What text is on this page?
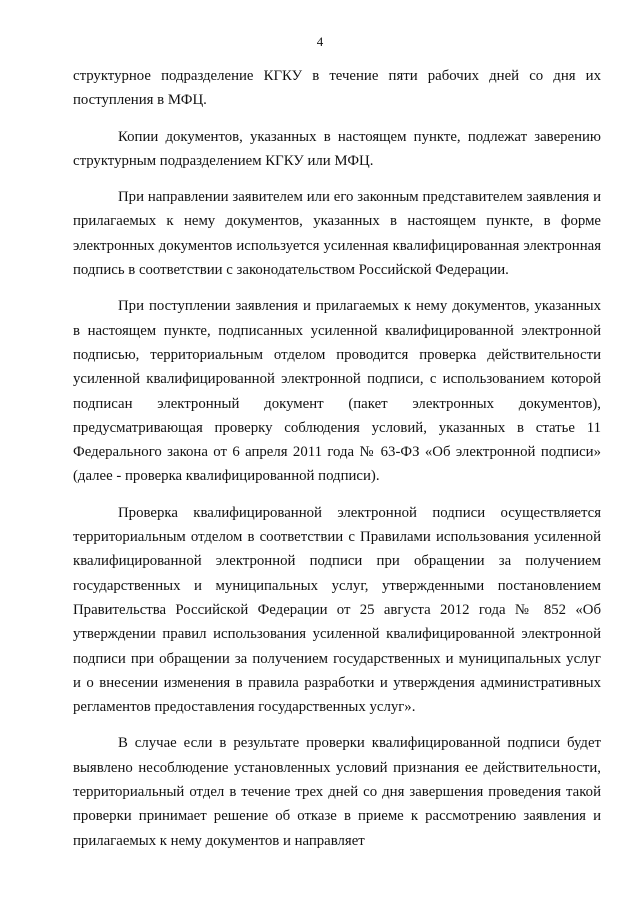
4

структурное подразделение КГКУ в течение пяти рабочих дней со дня их поступления в МФЦ.

Копии документов, указанных в настоящем пункте, подлежат заверению структурным подразделением КГКУ или МФЦ.

При направлении заявителем или его законным представителем заявления и прилагаемых к нему документов, указанных в настоящем пункте, в форме электронных документов используется усиленная квалифицированная электронная подпись в соответствии с законодательством Российской Федерации.

При поступлении заявления и прилагаемых к нему документов, указанных в настоящем пункте, подписанных усиленной квалифицированной электронной подписью, территориальным отделом проводится проверка действительности усиленной квалифицированной электронной подписи, с использованием которой подписан электронный документ (пакет электронных документов), предусматривающая проверку соблюдения условий, указанных в статье 11 Федерального закона от 6 апреля 2011 года № 63-ФЗ «Об электронной подписи» (далее - проверка квалифицированной подписи).

Проверка квалифицированной электронной подписи осуществляется территориальным отделом в соответствии с Правилами использования усиленной квалифицированной электронной подписи при обращении за получением государственных и муниципальных услуг, утвержденными постановлением Правительства Российской Федерации от 25 августа 2012 года № 852 «Об утверждении правил использования усиленной квалифицированной электронной подписи при обращении за получением государственных и муниципальных услуг и о внесении изменения в правила разработки и утверждения административных регламентов предоставления государственных услуг».

В случае если в результате проверки квалифицированной подписи будет выявлено несоблюдение установленных условий признания ее действительности, территориальный отдел в течение трех дней со дня завершения проведения такой проверки принимает решение об отказе в приеме к рассмотрению заявления и прилагаемых к нему документов и направляет
